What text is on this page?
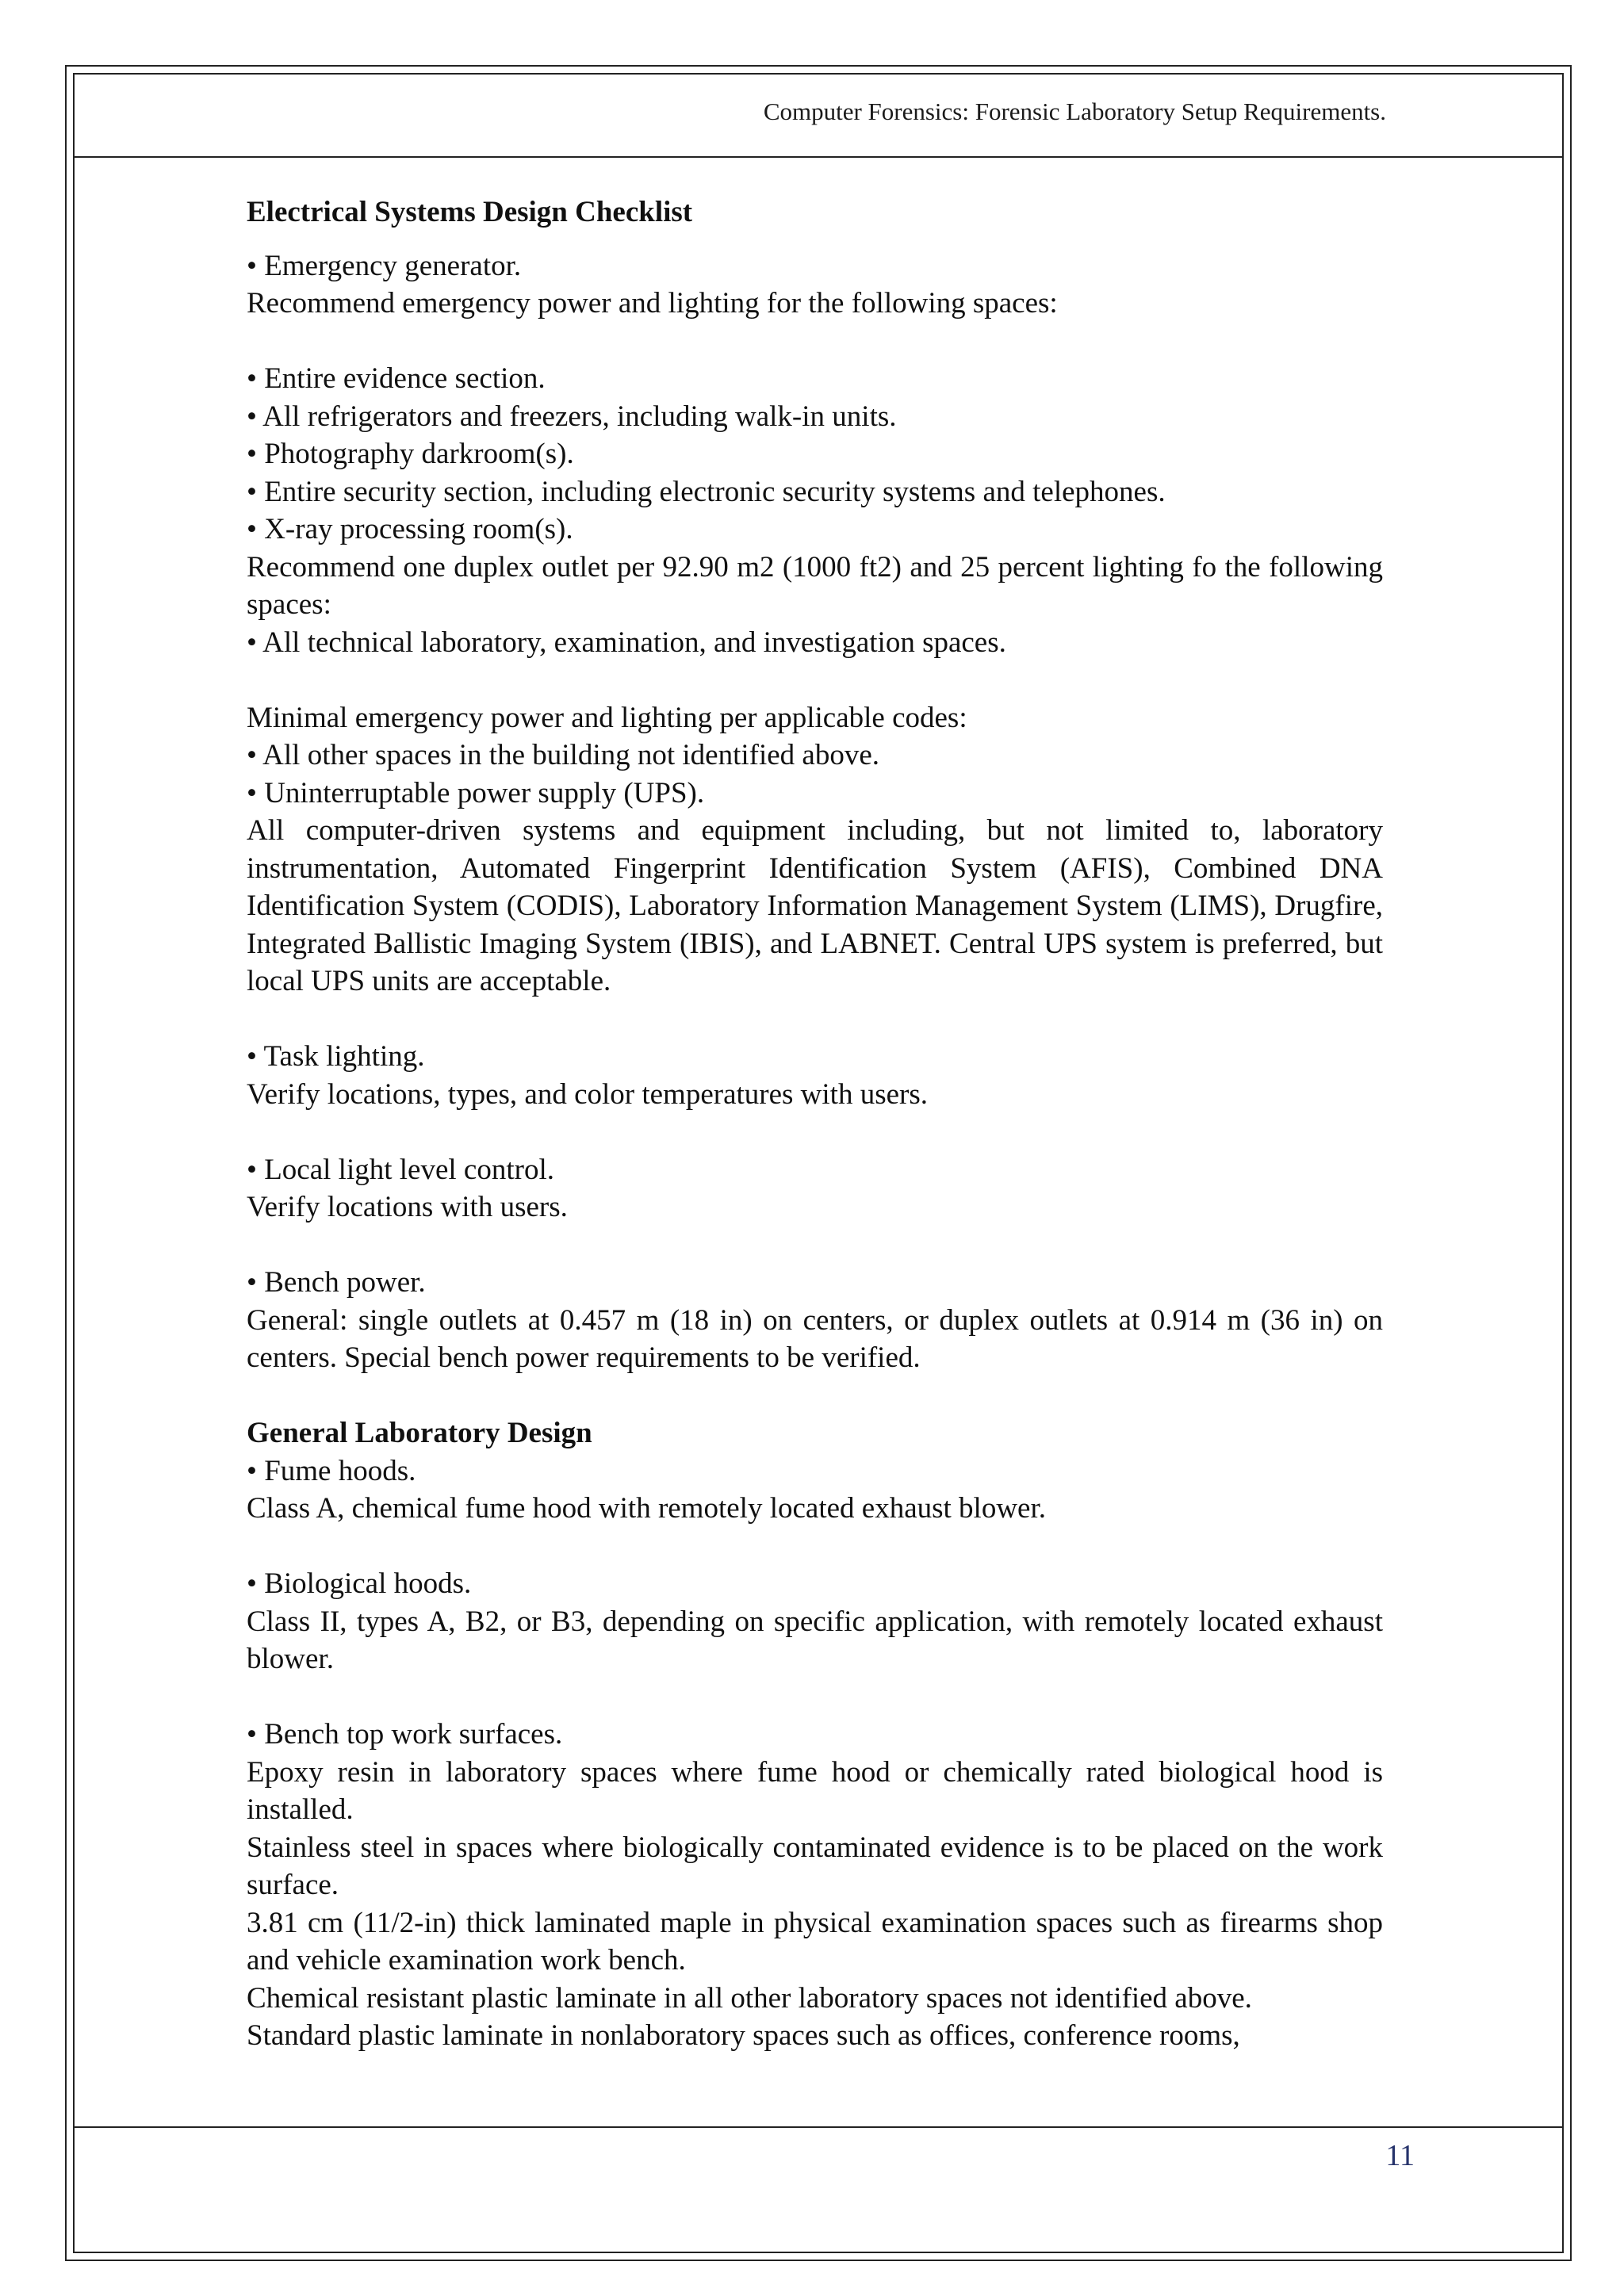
Computer Forensics: Forensic Laboratory Setup Requirements.

Electrical Systems Design Checklist

• Emergency generator.

Recommend emergency power and lighting for the following spaces:

• Entire evidence section.

• All refrigerators and freezers, including walk-in units.

• Photography darkroom(s).

• Entire security section, including electronic security systems and telephones.

• X-ray processing room(s).

Recommend one duplex outlet per 92.90 m2 (1000 ft2) and 25 percent lighting fo the following spaces:

• All technical laboratory, examination, and investigation spaces.

Minimal emergency power and lighting per applicable codes:

• All other spaces in the building not identified above.

• Uninterruptable power supply (UPS).

All computer-driven systems and equipment including, but not limited to, laboratory instrumentation, Automated Fingerprint Identification System (AFIS), Combined DNA Identification System (CODIS), Laboratory Information Management System (LIMS), Drugfire, Integrated Ballistic Imaging System (IBIS), and LABNET. Central UPS system is preferred, but local UPS units are acceptable.

• Task lighting.

Verify locations, types, and color temperatures with users.

• Local light level control.

Verify locations with users.

• Bench power.

General: single outlets at 0.457 m (18 in) on centers, or duplex outlets at 0.914 m (36 in) on centers. Special bench power requirements to be verified.

General Laboratory Design

• Fume hoods.

Class A, chemical fume hood with remotely located exhaust blower.

• Biological hoods.

Class II, types A, B2, or B3, depending on specific application, with remotely located exhaust blower.

• Bench top work surfaces.

Epoxy resin in laboratory spaces where fume hood or chemically rated biological hood is installed.

Stainless steel in spaces where biologically contaminated evidence is to be placed on the work surface.

3.81 cm (11/2-in) thick laminated maple in physical examination spaces such as firearms shop and vehicle examination work bench.

Chemical resistant plastic laminate in all other laboratory spaces not identified above.

Standard plastic laminate in nonlaboratory spaces such as offices, conference rooms,

11
